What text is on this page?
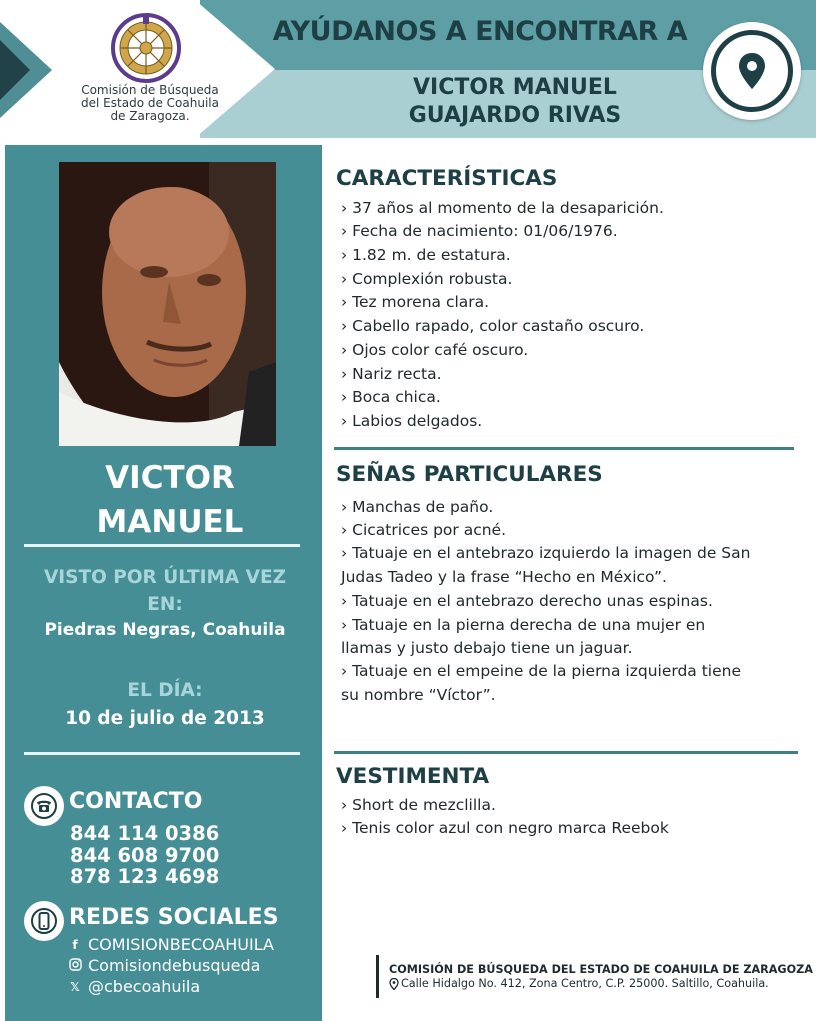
Comisión de Búsqueda
del Estado de Coahuila
de Zaragoza.
AYÚDANOS A ENCONTRAR A
VICTOR MANUEL
GUAJARDO RIVAS
VICTOR
MANUEL
VISTO POR ÚLTIMA VEZ
EN:
Piedras Negras, Coahuila
EL DÍA:
10 de julio de 2013
CONTACTO
844 114 0386
844 608 9700
878 123 4698
REDES SOCIALES
f COMISIONBECOAHUILA
Comisiondebusqueda
𝕏 @cbecoahuila
CARACTERÍSTICAS
› 37 años al momento de la desaparición.
› Fecha de nacimiento: 01/06/1976.
› 1.82 m. de estatura.
› Complexión robusta.
› Tez morena clara.
› Cabello rapado, color castaño oscuro.
› Ojos color café oscuro.
› Nariz recta.
› Boca chica.
› Labios delgados.
SEÑAS PARTICULARES
› Manchas de paño.
› Cicatrices por acné.
› Tatuaje en el antebrazo izquierdo la imagen de San
Judas Tadeo y la frase “Hecho en México”.
› Tatuaje en el antebrazo derecho unas espinas.
› Tatuaje en la pierna derecha de una mujer en
llamas y justo debajo tiene un jaguar.
› Tatuaje en el empeine de la pierna izquierda tiene
su nombre “Víctor”.
VESTIMENTA
› Short de mezclilla.
› Tenis color azul con negro marca Reebok
COMISIÓN DE BÚSQUEDA DEL ESTADO DE COAHUILA DE ZARAGOZA
Calle Hidalgo No. 412, Zona Centro, C.P. 25000. Saltillo, Coahuila.
